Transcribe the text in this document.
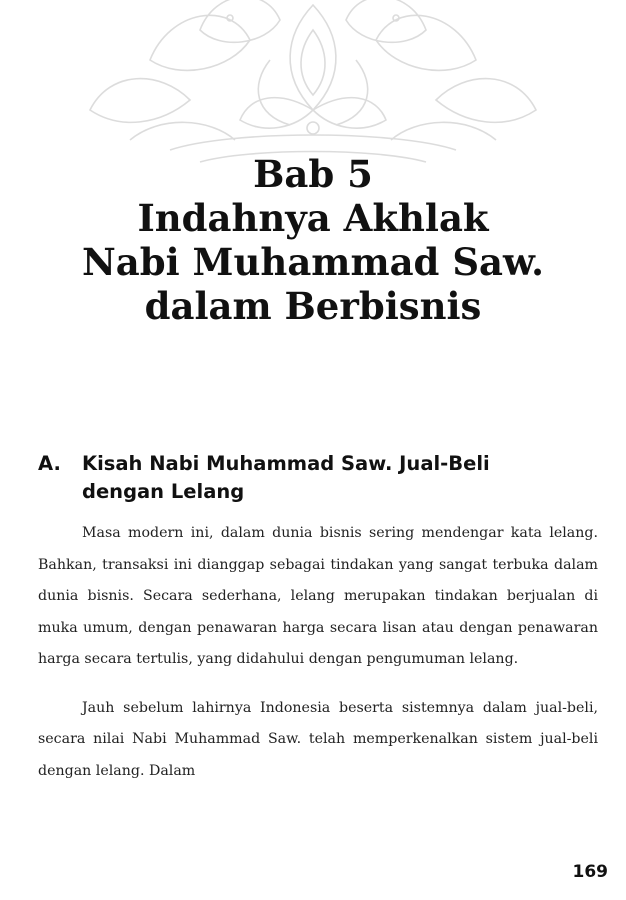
Bab 5
Indahnya Akhlak
Nabi Muhammad Saw.
dalam Berbisnis
A. Kisah Nabi Muhammad Saw. Jual-Beli
dengan Lelang

Masa modern ini, dalam dunia bisnis sering mendengar kata lelang. Bahkan, transaksi ini dianggap sebagai tindakan yang sangat terbuka dalam dunia bisnis. Secara sederhana, lelang merupakan tindakan berjualan di muka umum, dengan penawaran harga secara lisan atau dengan penawaran harga secara tertulis, yang didahului dengan pengumuman lelang.

Jauh sebelum lahirnya Indonesia beserta sistemnya dalam jual-beli, secara nilai Nabi Muhammad Saw. telah memperkenalkan sistem jual-beli dengan lelang. Dalam

169
